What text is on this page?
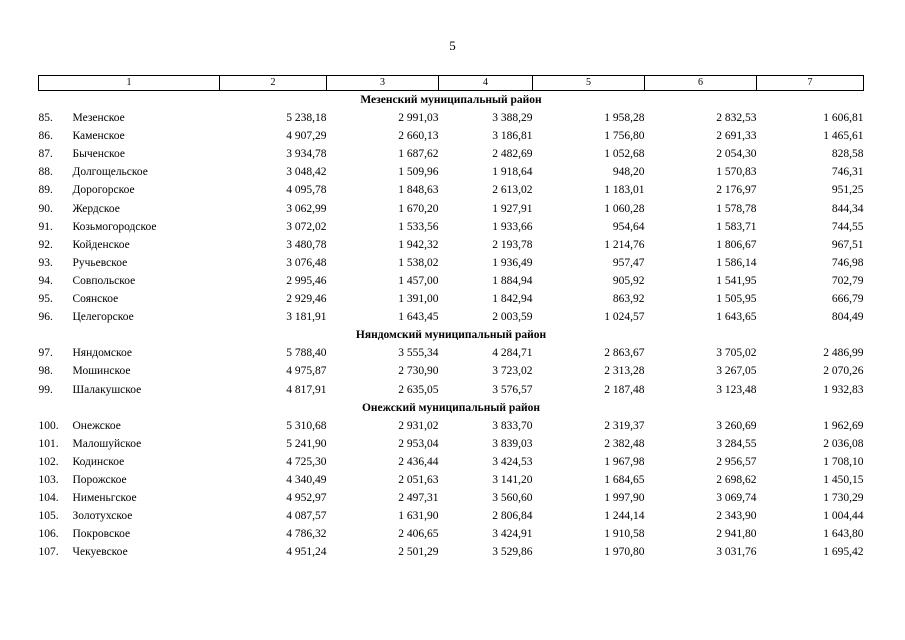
5
1	2	3	4	5	6	7
Мезенский муниципальный район						
85. Мезенское	5 238,18	2 991,03	3 388,29	1 958,28	2 832,53	1 606,81
86. Каменское	4 907,29	2 660,13	3 186,81	1 756,80	2 691,33	1 465,61
87. Быченское	3 934,78	1 687,62	2 482,69	1 052,68	2 054,30	828,58
88. Долгощельское	3 048,42	1 509,96	1 918,64	948,20	1 570,83	746,31
89. Дорогорское	4 095,78	1 848,63	2 613,02	1 183,01	2 176,97	951,25
90. Жердское	3 062,99	1 670,20	1 927,91	1 060,28	1 578,78	844,34
91. Козьмогородское	3 072,02	1 533,56	1 933,66	954,64	1 583,71	744,55
92. Койденское	3 480,78	1 942,32	2 193,78	1 214,76	1 806,67	967,51
93. Ручьевское	3 076,48	1 538,02	1 936,49	957,47	1 586,14	746,98
94. Совпольское	2 995,46	1 457,00	1 884,94	905,92	1 541,95	702,79
95. Соянское	2 929,46	1 391,00	1 842,94	863,92	1 505,95	666,79
96. Целегорское	3 181,91	1 643,45	2 003,59	1 024,57	1 643,65	804,49
Няндомский муниципальный район						
97. Няндомское	5 788,40	3 555,34	4 284,71	2 863,67	3 705,02	2 486,99
98. Мошинское	4 975,87	2 730,90	3 723,02	2 313,28	3 267,05	2 070,26
99. Шалакушское	4 817,91	2 635,05	3 576,57	2 187,48	3 123,48	1 932,83
Онежский муниципальный район						
100. Онежское	5 310,68	2 931,02	3 833,70	2 319,37	3 260,69	1 962,69
101. Малошуйское	5 241,90	2 953,04	3 839,03	2 382,48	3 284,55	2 036,08
102. Кодинское	4 725,30	2 436,44	3 424,53	1 967,98	2 956,57	1 708,10
103. Порожское	4 340,49	2 051,63	3 141,20	1 684,65	2 698,62	1 450,15
104. Нименьгское	4 952,97	2 497,31	3 560,60	1 997,90	3 069,74	1 730,29
105. Золотухское	4 087,57	1 631,90	2 806,84	1 244,14	2 343,90	1 004,44
106. Покровское	4 786,32	2 406,65	3 424,91	1 910,58	2 941,80	1 643,80
107. Чекуевское	4 951,24	2 501,29	3 529,86	1 970,80	3 031,76	1 695,42
